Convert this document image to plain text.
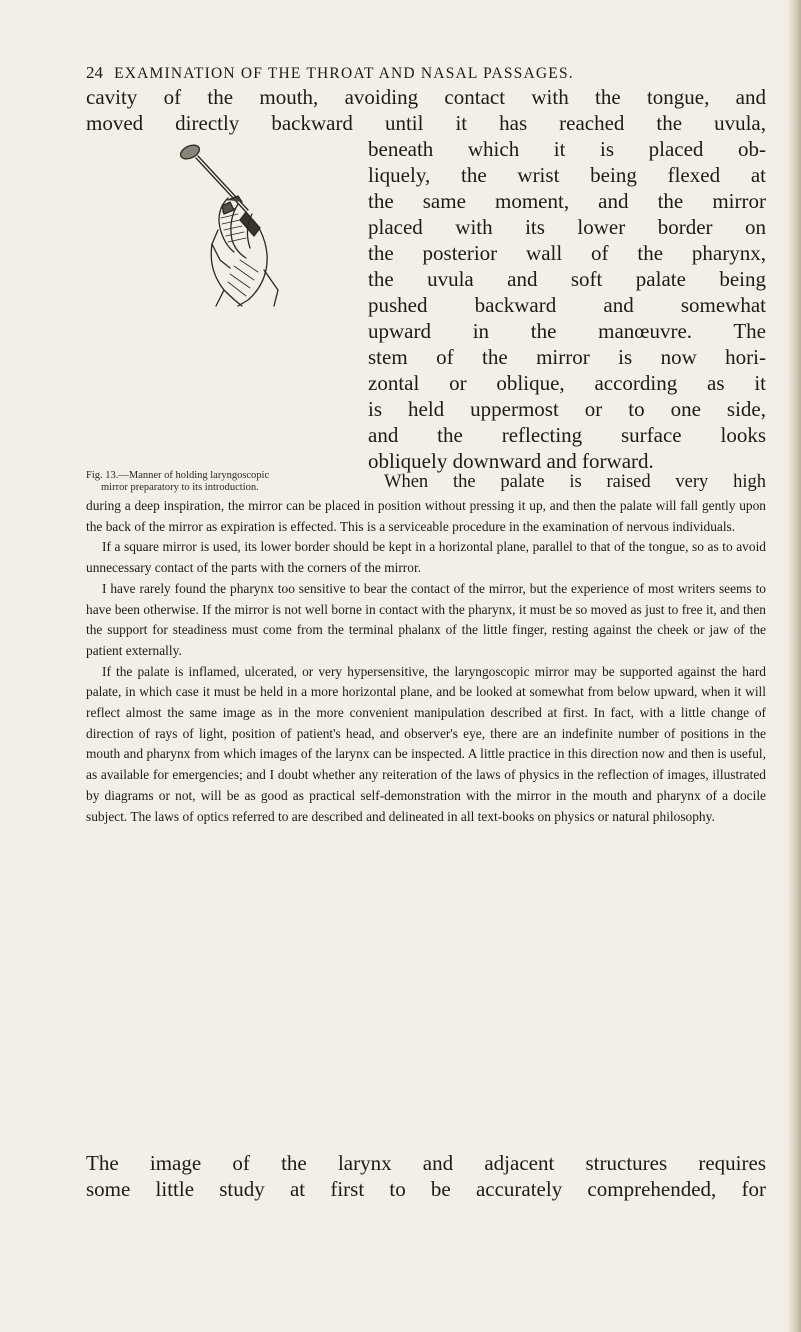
24 EXAMINATION OF THE THROAT AND NASAL PASSAGES.
cavity of the mouth, avoiding contact with the tongue, and
moved directly backward until it has reached the uvula,
beneath which it is placed ob-
liquely, the wrist being flexed at
the same moment, and the mirror
placed with its lower border on
the posterior wall of the pharynx,
the uvula and soft palate being
pushed backward and somewhat
upward in the manœuvre. The
stem of the mirror is now hori-
zontal or oblique, according as it
is held uppermost or to one side,
and the reflecting surface looks
obliquely downward and forward.
Fig. 13.—Manner of holding laryngoscopic
mirror preparatory to its introduction.	When the palate is raised very high

during a deep inspiration, the mirror can be placed in position without pressing it up, and then the palate will fall gently upon the back of the mirror as expiration is effected. This is a serviceable procedure in the examination of nervous individuals.

If a square mirror is used, its lower border should be kept in a horizontal plane, parallel to that of the tongue, so as to avoid unnecessary contact of the parts with the corners of the mirror.

I have rarely found the pharynx too sensitive to bear the contact of the mirror, but the experience of most writers seems to have been otherwise. If the mirror is not well borne in contact with the pharynx, it must be so moved as just to free it, and then the support for steadiness must come from the terminal phalanx of the little finger, resting against the cheek or jaw of the patient externally.

If the palate is inflamed, ulcerated, or very hypersensitive, the laryngoscopic mirror may be supported against the hard palate, in which case it must be held in a more horizontal plane, and be looked at somewhat from below upward, when it will reflect almost the same image as in the more convenient manipulation described at first. In fact, with a little change of direction of rays of light, position of patient's head, and observer's eye, there are an indefinite number of positions in the mouth and pharynx from which images of the larynx can be inspected. A little practice in this direction now and then is useful, as available for emergencies; and I doubt whether any reiteration of the laws of physics in the reflection of images, illustrated by diagrams or not, will be as good as practical self-demonstration with the mirror in the mouth and pharynx of a docile subject. The laws of optics referred to are described and delineated in all text-books on physics or natural philosophy.

The image of the larynx and adjacent structures requires
some little study at first to be accurately comprehended, for
